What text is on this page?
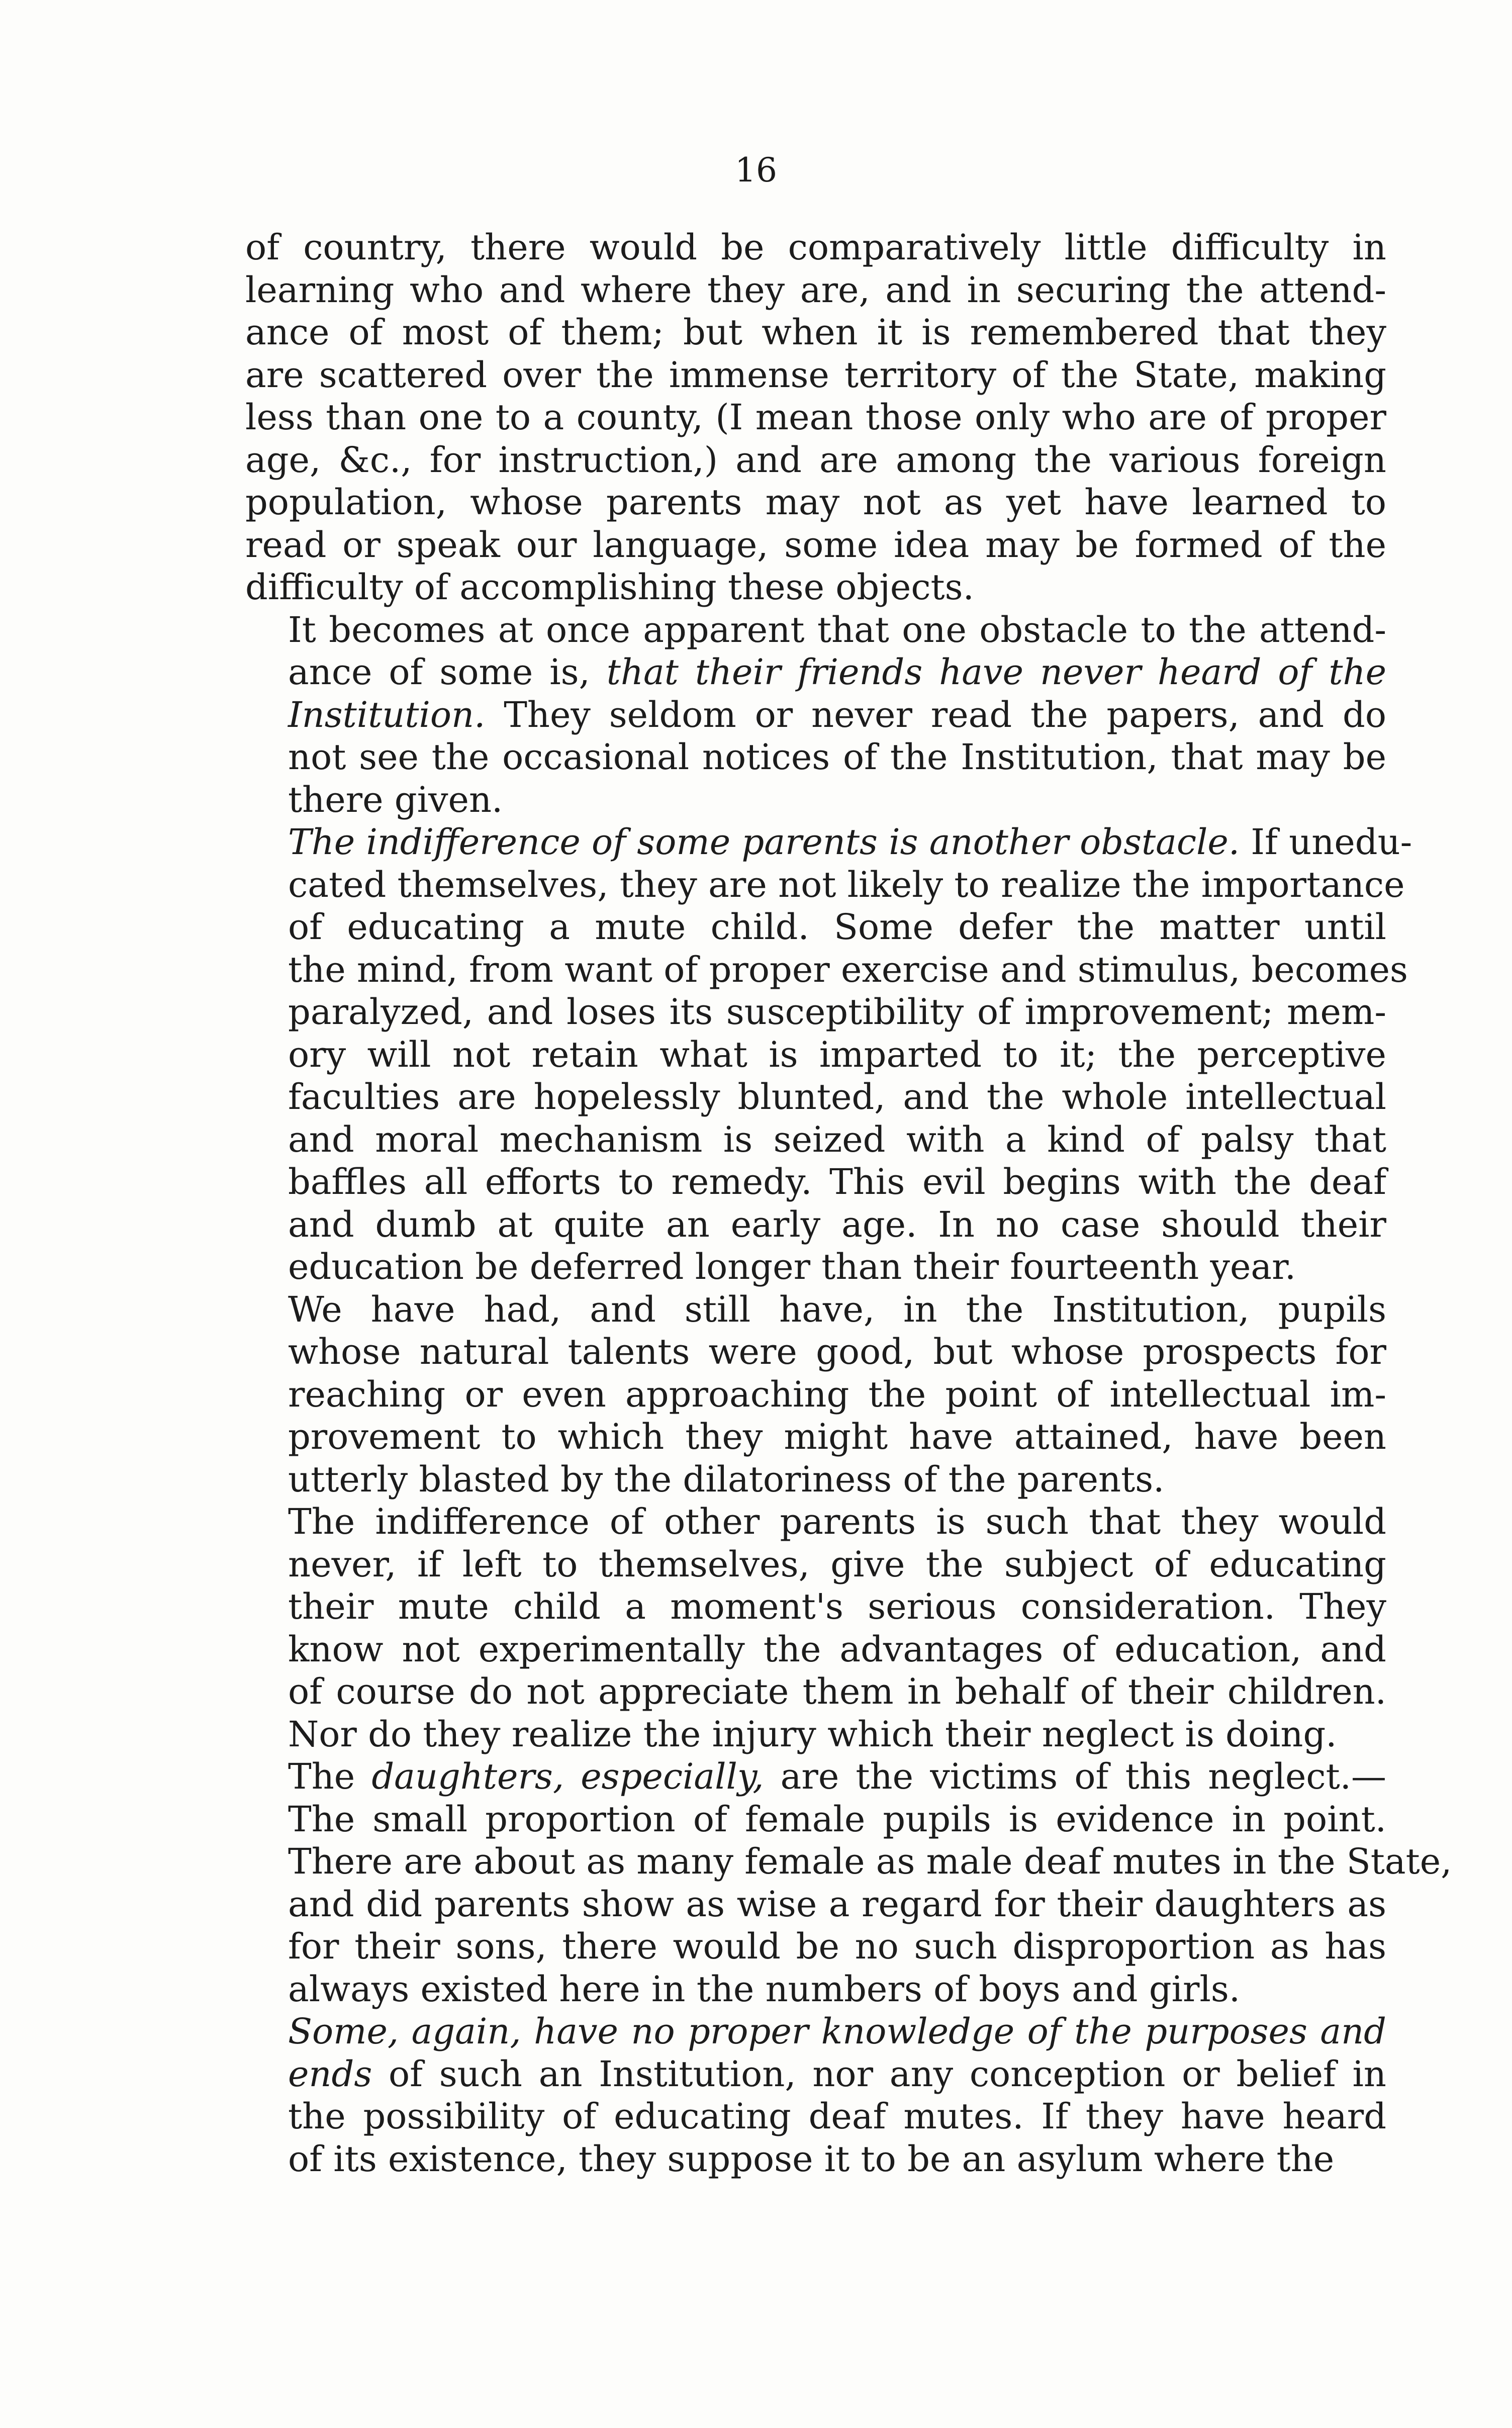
16
of country, there would be comparatively little difficulty in
learning who and where they are, and in securing the attend-
ance of most of them; but when it is remembered that they
are scattered over the immense territory of the State, making
less than one to a county, (I mean those only who are of proper
age, &c., for instruction,) and are among the various foreign
population, whose parents may not as yet have learned to
read or speak our language, some idea may be formed of the
difficulty of accomplishing these objects.
It becomes at once apparent that one obstacle to the attend-
ance of some is, that their friends have never heard of the
Institution. They seldom or never read the papers, and do
not see the occasional notices of the Institution, that may be
there given.
The indifference of some parents is another obstacle. If unedu-
cated themselves, they are not likely to realize the importance
of educating a mute child. Some defer the matter until
the mind, from want of proper exercise and stimulus, becomes
paralyzed, and loses its susceptibility of improvement; mem-
ory will not retain what is imparted to it; the perceptive
faculties are hopelessly blunted, and the whole intellectual
and moral mechanism is seized with a kind of palsy that
baffles all efforts to remedy. This evil begins with the deaf
and dumb at quite an early age. In no case should their
education be deferred longer than their fourteenth year.
We have had, and still have, in the Institution, pupils
whose natural talents were good, but whose prospects for
reaching or even approaching the point of intellectual im-
provement to which they might have attained, have been
utterly blasted by the dilatoriness of the parents.
The indifference of other parents is such that they would
never, if left to themselves, give the subject of educating
their mute child a moment's serious consideration. They
know not experimentally the advantages of education, and
of course do not appreciate them in behalf of their children.
Nor do they realize the injury which their neglect is doing.
The daughters, especially, are the victims of this neglect.—
The small proportion of female pupils is evidence in point.
There are about as many female as male deaf mutes in the State,
and did parents show as wise a regard for their daughters as
for their sons, there would be no such disproportion as has
always existed here in the numbers of boys and girls.
Some, again, have no proper knowledge of the purposes and
ends of such an Institution, nor any conception or belief in
the possibility of educating deaf mutes. If they have heard
of its existence, they suppose it to be an asylum where the
